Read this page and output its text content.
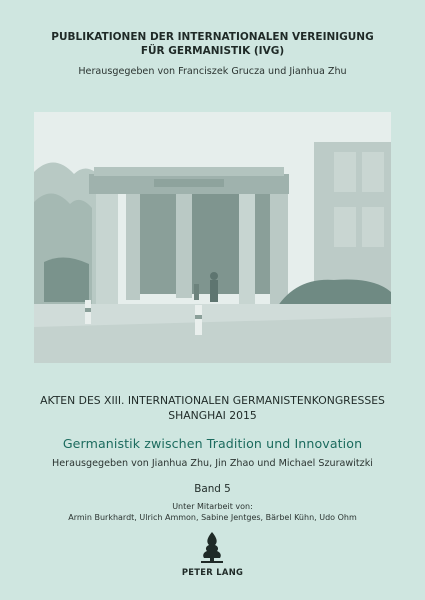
PUBLIKATIONEN DER INTERNATIONALEN VEREINIGUNG
FÜR GERMANISTIK (IVG)
Herausgegeben von Franciszek Grucza und Jianhua Zhu
AKTEN DES XIII. INTERNATIONALEN GERMANISTENKONGRESSES
SHANGHAI 2015
Germanistik zwischen Tradition und Innovation
Herausgegeben von Jianhua Zhu, Jin Zhao und Michael Szurawitzki
Band 5
Unter Mitarbeit von:
Armin Burkhardt, Ulrich Ammon, Sabine Jentges, Bärbel Kühn, Udo Ohm
PETER LANG
